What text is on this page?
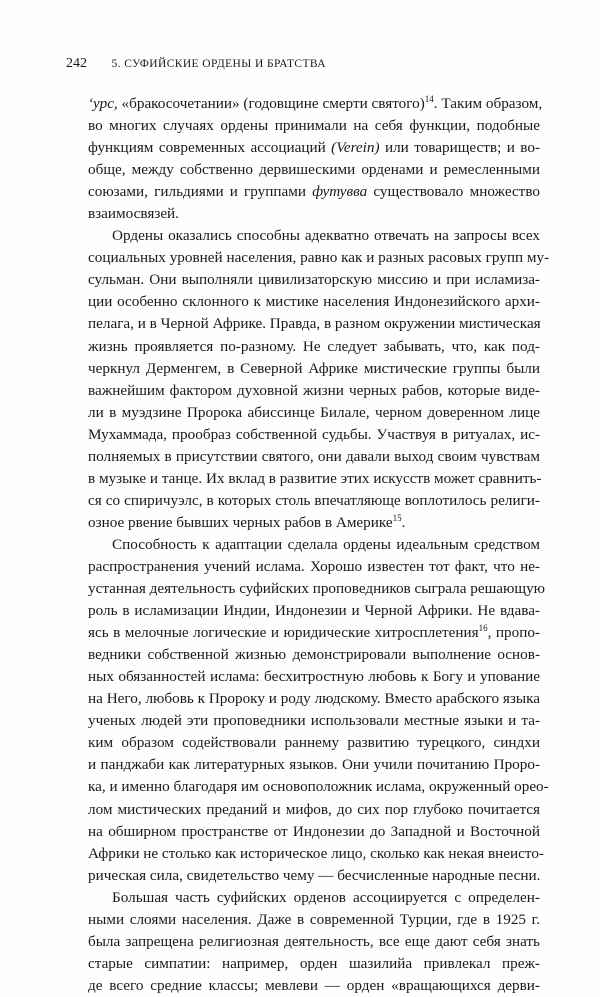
242 5. СУФИЙСКИЕ ОРДЕНЫ И БРАТСТВА
‘урс, «бракосочетании» (годовщине смерти святого)$^{14}$. Таким образом,
во многих случаях ордены принимали на себя функции, подобные
функциям современных ассоциаций (Verein) или товариществ; и во-
обще, между собственно дервишескими орденами и ремесленными
союзами, гильдиями и группами футувва существовало множество
взаимосвязей.
Ордены оказались способны адекватно отвечать на запросы всех
социальных уровней населения, равно как и разных расовых групп му-
сульман. Они выполняли цивилизаторскую миссию и при исламиза-
ции особенно склонного к мистике населения Индонезийского архи-
пелага, и в Черной Африке. Правда, в разном окружении мистическая
жизнь проявляется по-разному. Не следует забывать, что, как под-
черкнул Дерменгем, в Северной Африке мистические группы были
важнейшим фактором духовной жизни черных рабов, которые виде-
ли в муэдзине Пророка абиссинце Билале, черном доверенном лице
Мухаммада, прообраз собственной судьбы. Участвуя в ритуалах, ис-
полняемых в присутствии святого, они давали выход своим чувствам
в музыке и танце. Их вклад в развитие этих искусств может сравнить-
ся со спиричуэлс, в которых столь впечатляюще воплотилось религи-
озное рвение бывших черных рабов в Америке$^{15}$.
Способность к адаптации сделала ордены идеальным средством
распространения учений ислама. Хорошо известен тот факт, что не-
устанная деятельность суфийских проповедников сыграла решающую
роль в исламизации Индии, Индонезии и Черной Африки. Не вдава-
ясь в мелочные логические и юридические хитросплетения$^{16}$, пропо-
ведники собственной жизнью демонстрировали выполнение основ-
ных обязанностей ислама: бесхитростную любовь к Богу и упование
на Него, любовь к Пророку и роду людскому. Вместо арабского языка
ученых людей эти проповедники использовали местные языки и та-
ким образом содействовали раннему развитию турецкого, синдхи
и панджаби как литературных языков. Они учили почитанию Проро-
ка, и именно благодаря им основоположник ислама, окруженный орео-
лом мистических преданий и мифов, до сих пор глубоко почитается
на обширном пространстве от Индонезии до Западной и Восточной
Африки не столько как историческое лицо, сколько как некая внеисто-
рическая сила, свидетельство чему — бесчисленные народные песни.
Большая часть суфийских орденов ассоциируется с определен-
ными слоями населения. Даже в современной Турции, где в 1925 г.
была запрещена религиозная деятельность, все еще дают себя знать
старые симпатии: например, орден шазилийа привлекал преж-
де всего средние классы; мевлеви — орден «вращающихся дерви-
